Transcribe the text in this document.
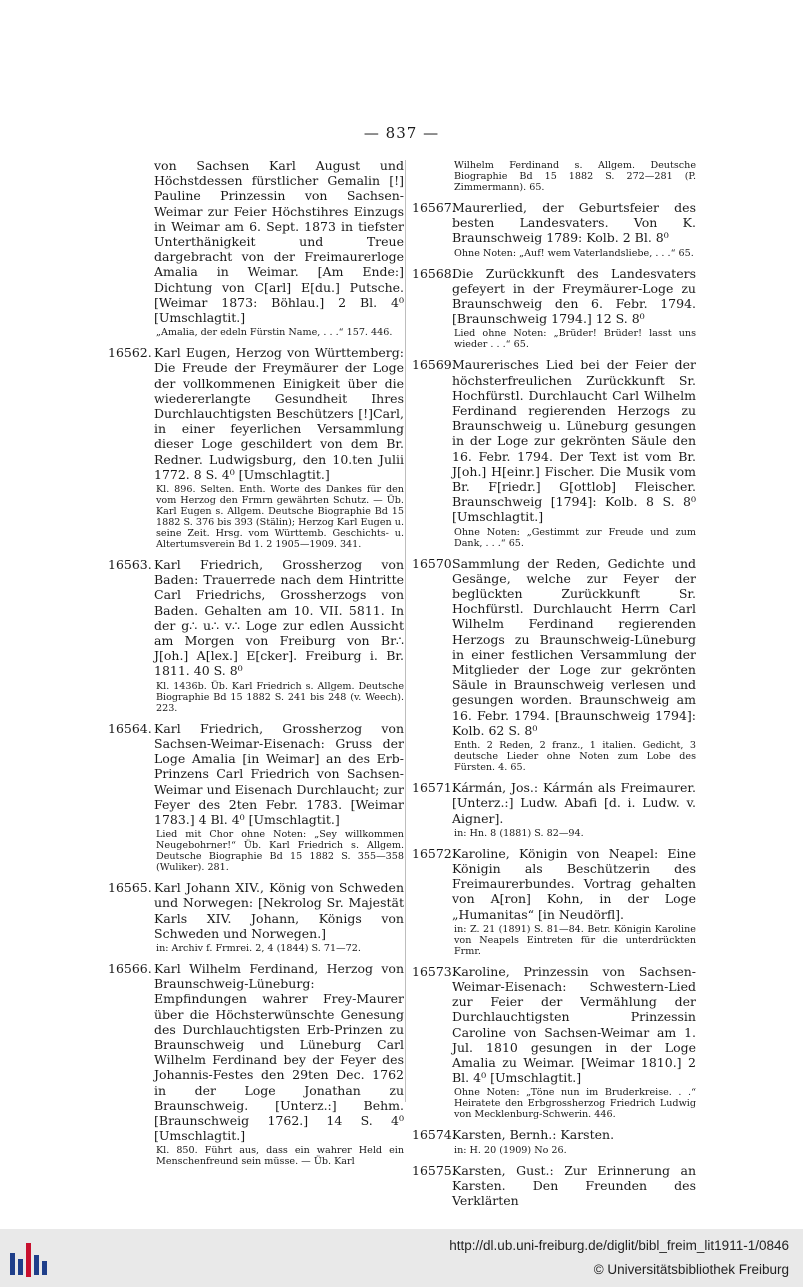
— 837 —
von Sachsen Karl August und Höchstdessen fürstlicher Gemalin [!] Pauline Prinzessin von Sachsen-Weimar zur Feier Höchstihres Einzugs in Weimar am 6. Sept. 1873 in tiefster Unterthänigkeit und Treue dargebracht von der Freimaurerloge Amalia in Weimar. [Am Ende:] Dichtung von C[arl] E[du.] Putsche. [Weimar 1873: Böhlau.] 2 Bl. 4⁰ [Umschlagtit.]
„Amalia, der edeln Fürstin Name, . . .“ 157. 446.
16562. Karl Eugen, Herzog von Württemberg: Die Freude der Freymäurer der Loge der vollkommenen Einigkeit über die wiedererlangte Gesundheit Ihres Durchlauchtigsten Beschützers [!]Carl, in einer feyerlichen Versammlung dieser Loge geschildert von dem Br. Redner. Ludwigsburg, den 10.ten Julii 1772. 8 S. 4⁰ [Umschlagtit.]
Kl. 896. Selten. Enth. Worte des Dankes für den vom Herzog den Frmrn gewährten Schutz. — Üb. Karl Eugen s. Allgem. Deutsche Biographie Bd 15 1882 S. 376 bis 393 (Stälin); Herzog Karl Eugen u. seine Zeit. Hrsg. vom Württemb. Geschichts- u. Altertumsverein Bd 1. 2 1905—1909. 341.
16563. Karl Friedrich, Grossherzog von Baden: Trauerrede nach dem Hintritte Carl Friedrichs, Grossherzogs von Baden. Gehalten am 10. VII. 5811. In der g∴ u∴ v∴ Loge zur edlen Aussicht am Morgen von Freiburg von Br∴ J[oh.] A[lex.] E[cker]. Freiburg i. Br. 1811. 40 S. 8⁰
Kl. 1436b. Üb. Karl Friedrich s. Allgem. Deutsche Biographie Bd 15 1882 S. 241 bis 248 (v. Weech). 223.
16564. Karl Friedrich, Grossherzog von Sachsen-Weimar-Eisenach: Gruss der Loge Amalia [in Weimar] an des Erb-Prinzens Carl Friedrich von Sachsen-Weimar und Eisenach Durchlaucht; zur Feyer des 2ten Febr. 1783. [Weimar 1783.] 4 Bl. 4⁰ [Umschlagtit.]
Lied mit Chor ohne Noten: „Sey willkommen Neugebohrner!“ Üb. Karl Friedrich s. Allgem. Deutsche Biographie Bd 15 1882 S. 355—358 (Wuliker). 281.
16565. Karl Johann XIV., König von Schweden und Norwegen: [Nekrolog Sr. Majestät Karls XIV. Johann, Königs von Schweden und Norwegen.]
in: Archiv f. Frmrei. 2, 4 (1844) S. 71—72.
16566. Karl Wilhelm Ferdinand, Herzog von Braunschweig-Lüneburg: Empfindungen wahrer Frey-Maurer über die Höchsterwünschte Genesung des Durchlauchtigsten Erb-Prinzen zu Braunschweig und Lüneburg Carl Wilhelm Ferdinand bey der Feyer des Johannis-Festes den 29ten Dec. 1762 in der Loge Jonathan zu Braunschweig. [Unterz.:] Behm. [Braunschweig 1762.] 14 S. 4⁰ [Umschlagtit.]
Kl. 850. Führt aus, dass ein wahrer Held ein Menschenfreund sein müsse. — Üb. Karl
Wilhelm Ferdinand s. Allgem. Deutsche Biographie Bd 15 1882 S. 272—281 (P. Zimmermann). 65.
16567.
Maurerlied, der Geburtsfeier des besten Landesvaters. Von K. Braunschweig 1789: Kolb. 2 Bl. 8⁰
Ohne Noten: „Auf! wem Vaterlandsliebe, . . .“ 65.
16568.
Die Zurückkunft des Landesvaters gefeyert in der Freymäurer-Loge zu Braunschweig den 6. Febr. 1794. [Braunschweig 1794.] 12 S. 8⁰
Lied ohne Noten: „Brüder! Brüder! lasst uns wieder . . .“ 65.
16569.
Maurerisches Lied bei der Feier der höchsterfreulichen Zurückkunft Sr. Hochfürstl. Durchlaucht Carl Wilhelm Ferdinand regierenden Herzogs zu Braunschweig u. Lüneburg gesungen in der Loge zur gekrönten Säule den 16. Febr. 1794. Der Text ist vom Br. J[oh.] H[einr.] Fischer. Die Musik vom Br. F[riedr.] G[ottlob] Fleischer. Braunschweig [1794]: Kolb. 8 S. 8⁰ [Umschlagtit.]
Ohne Noten: „Gestimmt zur Freude und zum Dank, . . .“ 65.
16570.
Sammlung der Reden, Gedichte und Gesänge, welche zur Feyer der beglückten Zurückkunft Sr. Hochfürstl. Durchlaucht Herrn Carl Wilhelm Ferdinand regierenden Herzogs zu Braunschweig-Lüneburg in einer festlichen Versammlung der Mitglieder der Loge zur gekrönten Säule in Braunschweig verlesen und gesungen worden. Braunschweig am 16. Febr. 1794. [Braunschweig 1794]: Kolb. 62 S. 8⁰
Enth. 2 Reden, 2 franz., 1 italien. Gedicht, 3 deutsche Lieder ohne Noten zum Lobe des Fürsten. 4. 65.
16571.
Kármán, Jos.: Kármán als Freimaurer. [Unterz.:] Ludw. Abafi [d. i. Ludw. v. Aigner].
in: Hn. 8 (1881) S. 82—94.
16572.
Karoline, Königin von Neapel: Eine Königin als Beschützerin des Freimaurerbundes. Vortrag gehalten von A[ron] Kohn, in der Loge „Humanitas“ [in Neudörfl].
in: Z. 21 (1891) S. 81—84. Betr. Königin Karoline von Neapels Eintreten für die unterdrückten Frmr.
16573.
Karoline, Prinzessin von Sachsen-Weimar-Eisenach: Schwestern-Lied zur Feier der Vermählung der Durchlauchtigsten Prinzessin Caroline von Sachsen-Weimar am 1. Jul. 1810 gesungen in der Loge Amalia zu Weimar. [Weimar 1810.] 2 Bl. 4⁰ [Umschlagtit.]
Ohne Noten: „Töne nun im Bruderkreise. . .“ Heiratete den Erbgrossherzog Friedrich Ludwig von Mecklenburg-Schwerin. 446.
16574.
Karsten, Bernh.: Karsten.
in: H. 20 (1909) No 26.
16575.
Karsten, Gust.: Zur Erinnerung an Karsten. Den Freunden des Verklärten
http://dl.ub.uni-freiburg.de/diglit/bibl_freim_lit1911-1/0846
© Universitätsbibliothek Freiburg
